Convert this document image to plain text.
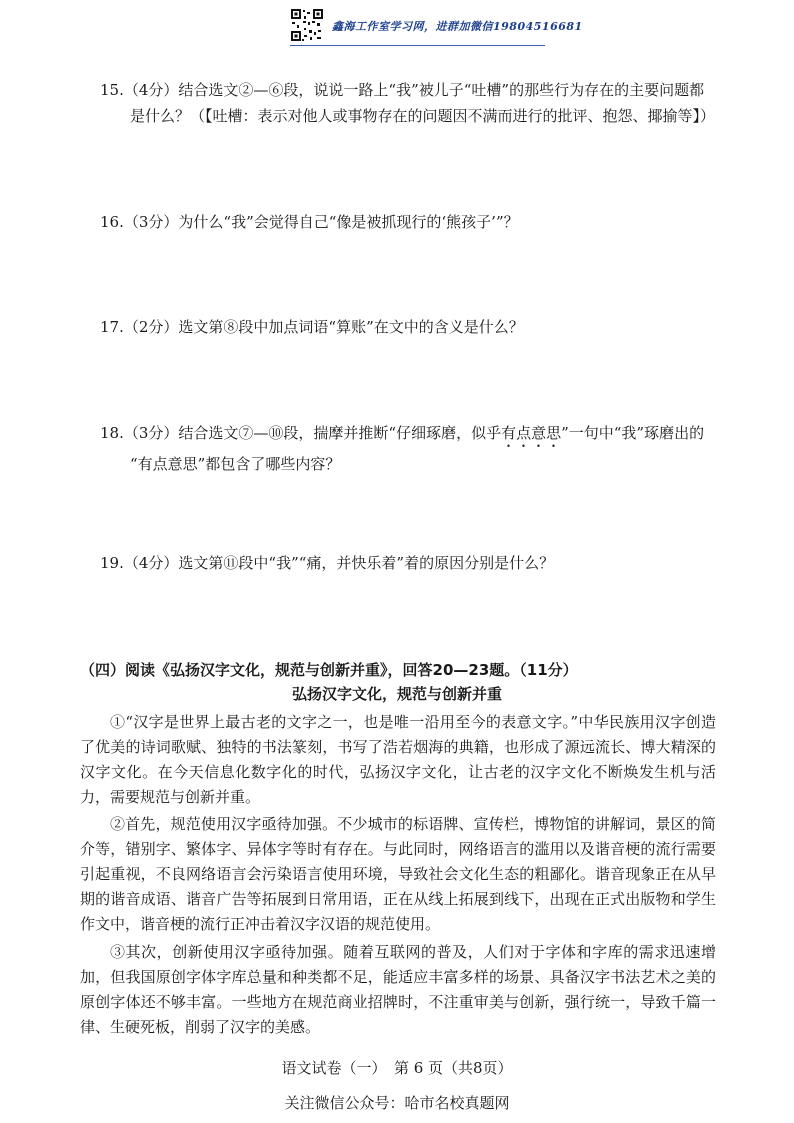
鑫海工作室学习网，进群加微信19804516681
15.（4分）结合选文②—⑥段，说说一路上“我”被儿子“吐槽”的那些行为存在的主要问题都
是什么？（【吐槽：表示对他人或事物存在的问题因不满而进行的批评、抱怨、揶揄等】）
16.（3分）为什么“我”会觉得自己“像是被抓现行的‘熊孩子’”？
17.（2分）选文第⑧段中加点词语“算账”在文中的含义是什么？
18.（3分）结合选文⑦—⑩段，揣摩并推断“仔细琢磨，似乎有点意思”一句中“我”琢磨出的
“有点意思”都包含了哪些内容？
19.（4分）选文第⑪段中“我”“痛，并快乐着”着的原因分别是什么？
（四）阅读《弘扬汉字文化，规范与创新并重》，回答20—23题。（11分）
弘扬汉字文化，规范与创新并重
①“汉字是世界上最古老的文字之一，也是唯一沿用至今的表意文字。”中华民族用汉字创造了优美的诗词歌赋、独特的书法篆刻，书写了浩若烟海的典籍，也形成了源远流长、博大精深的汉字文化。在今天信息化数字化的时代，弘扬汉字文化，让古老的汉字文化不断焕发生机与活力，需要规范与创新并重。
②首先，规范使用汉字亟待加强。不少城市的标语牌、宣传栏，博物馆的讲解词，景区的简介等，错别字、繁体字、异体字等时有存在。与此同时，网络语言的滥用以及谐音梗的流行需要引起重视，不良网络语言会污染语言使用环境，导致社会文化生态的粗鄙化。谐音现象正在从早期的谐音成语、谐音广告等拓展到日常用语，正在从线上拓展到线下，出现在正式出版物和学生作文中，谐音梗的流行正冲击着汉字汉语的规范使用。
③其次，创新使用汉字亟待加强。随着互联网的普及，人们对于字体和字库的需求迅速增加，但我国原创字体字库总量和种类都不足，能适应丰富多样的场景、具备汉字书法艺术之美的原创字体还不够丰富。一些地方在规范商业招牌时，不注重审美与创新，强行统一，导致千篇一律、生硬死板，削弱了汉字的美感。
语文试卷（一）　第 6 页（共8页）
关注微信公众号：哈市名校真题网
